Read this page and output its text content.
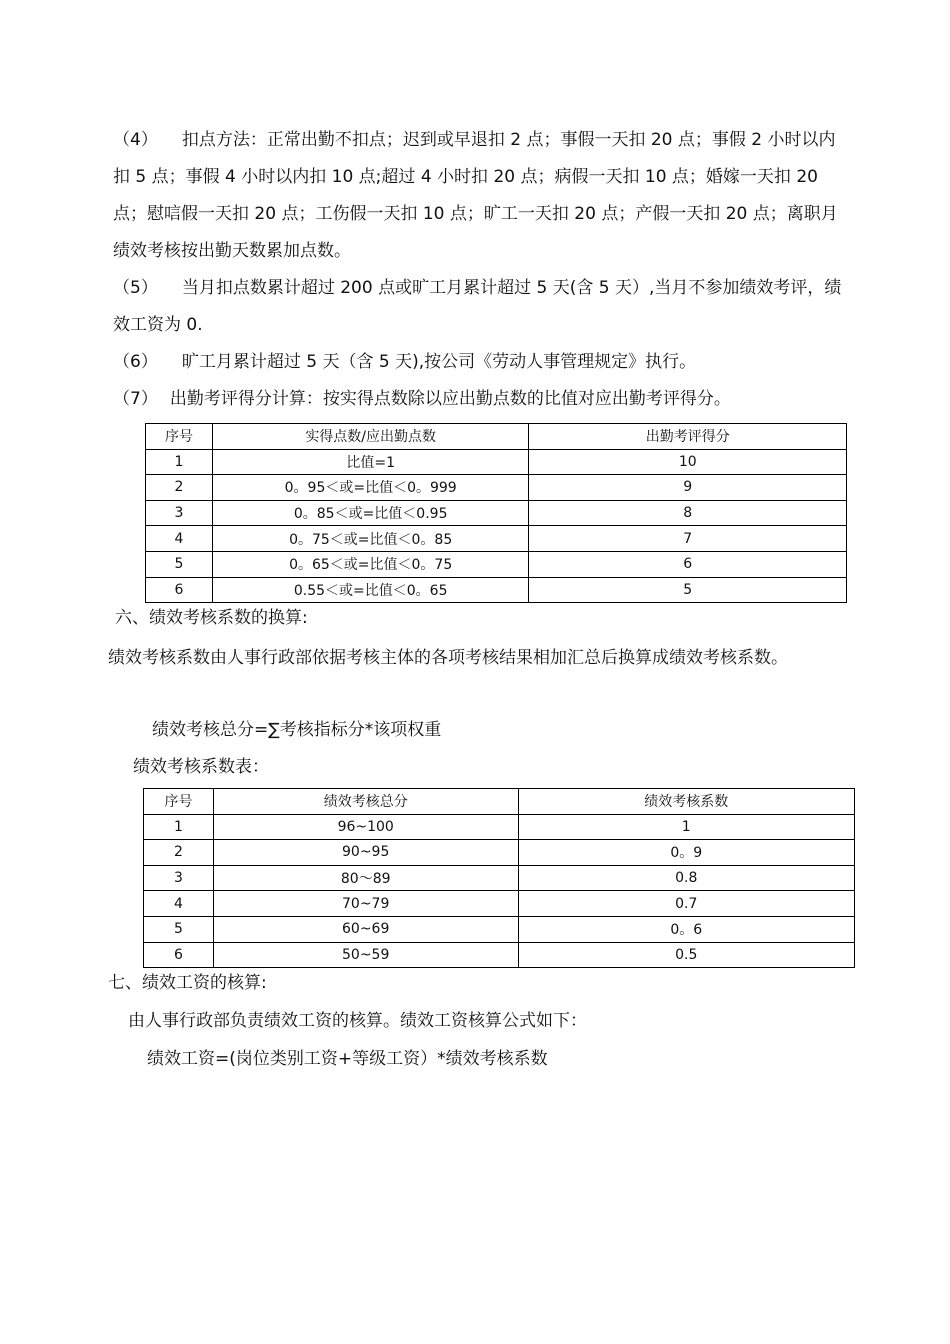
（4） 扣点方法：正常出勤不扣点；迟到或早退扣 2 点；事假一天扣 20 点；事假 2 小时以内扣 5 点；事假 4 小时以内扣 10 点;超过 4 小时扣 20 点；病假一天扣 10 点；婚嫁一天扣 20 点；慰唁假一天扣 20 点；工伤假一天扣 10 点；旷工一天扣 20 点；产假一天扣 20 点；离职月绩效考核按出勤天数累加点数。

（5） 当月扣点数累计超过 200 点或旷工月累计超过 5 天(含 5 天）,当月不参加绩效考评，绩效工资为 0.

（6） 旷工月累计超过 5 天（含 5 天),按公司《劳动人事管理规定》执行。

（7） 出勤考评得分计算：按实得点数除以应出勤点数的比值对应出勤考评得分。

序号	实得点数/应出勤点数	出勤考评得分
1	比值=1	10
2	0。95＜或=比值＜0。999	9
3	0。85＜或=比值＜0.95	8
4	0。75＜或=比值＜0。85	7
5	0。65＜或=比值＜0。75	6
6	0.55＜或=比值＜0。65	5

六、绩效考核系数的换算:

绩效考核系数由人事行政部依据考核主体的各项考核结果相加汇总后换算成绩效考核系数。

绩效考核总分=∑考核指标分*该项权重

绩效考核系数表：

序号	绩效考核总分	绩效考核系数
1	96~100	1
2	90~95	0。9
3	80～89	0.8
4	70~79	0.7
5	60~69	0。6
6	50~59	0.5

七、绩效工资的核算:

由人事行政部负责绩效工资的核算。绩效工资核算公式如下：

绩效工资=(岗位类别工资+等级工资）*绩效考核系数
